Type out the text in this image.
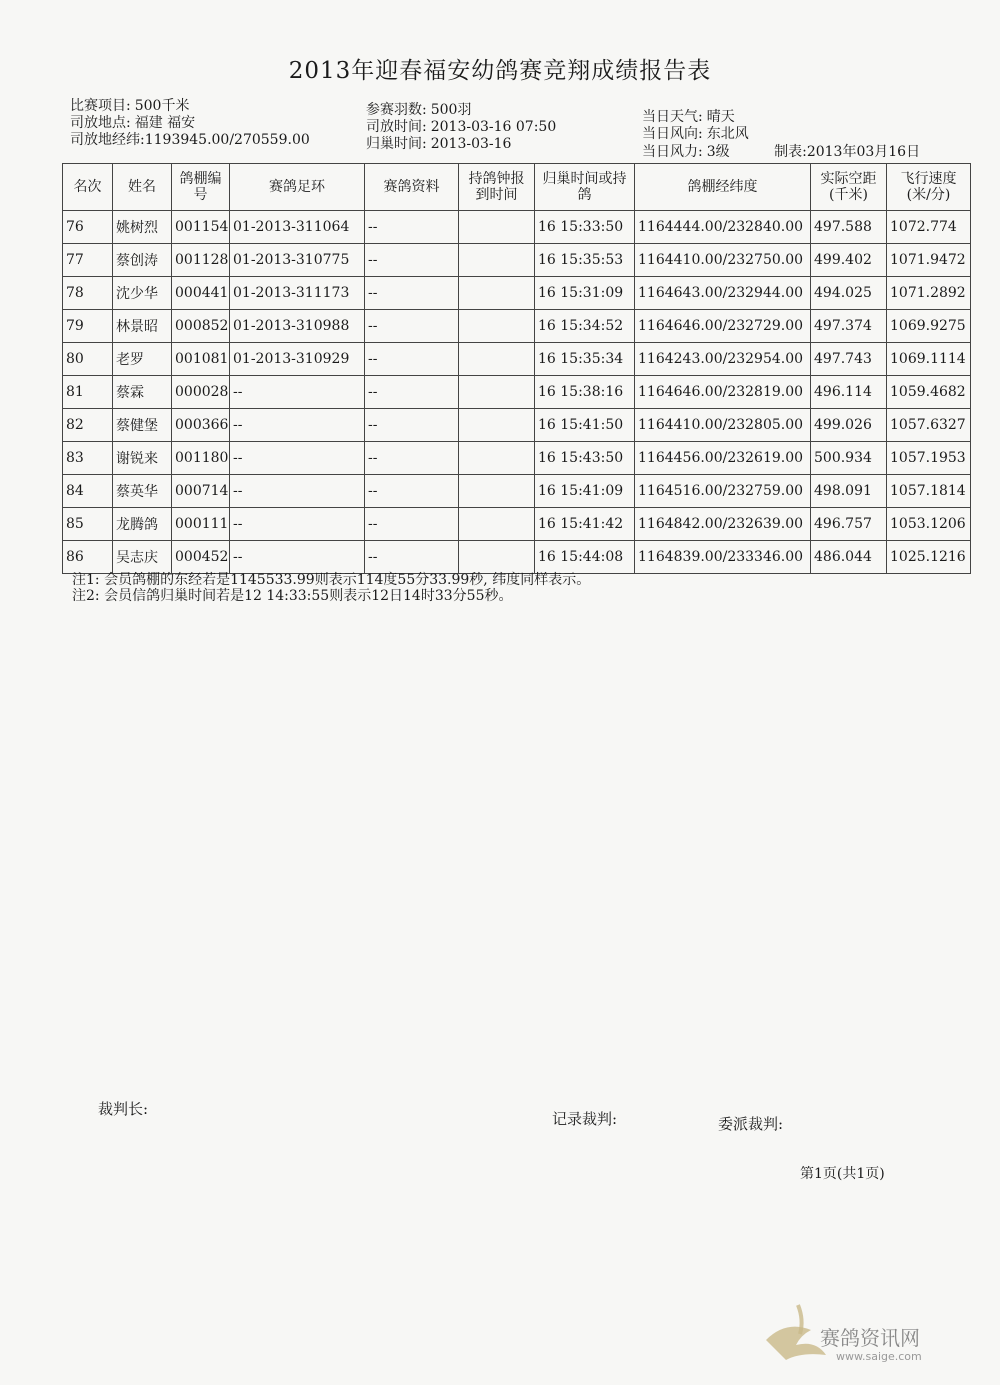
2013年迎春福安幼鸽赛竞翔成绩报告表
比赛项目: 500千米
司放地点: 福建 福安
司放地经纬:1193945.00/270559.00
参赛羽数: 500羽
司放时间: 2013-03-16 07:50
归巢时间: 2013-03-16
当日天气: 晴天
当日风向: 东北风
当日风力: 3级	制表:2013年03月16日
名次	姓名	鸽棚编号	赛鸽足环	赛鸽资料	持鸽钟报到时间	归巢时间或持鸽	鸽棚经纬度	实际空距(千米)	飞行速度(米/分)
76	姚树烈	001154	01-2013-311064	--		16 15:33:50	1164444.00/232840.00	497.588	1072.774
77	蔡创涛	001128	01-2013-310775	--		16 15:35:53	1164410.00/232750.00	499.402	1071.9472
78	沈少华	000441	01-2013-311173	--		16 15:31:09	1164643.00/232944.00	494.025	1071.2892
79	林景昭	000852	01-2013-310988	--		16 15:34:52	1164646.00/232729.00	497.374	1069.9275
80	老罗	001081	01-2013-310929	--		16 15:35:34	1164243.00/232954.00	497.743	1069.1114
81	蔡霖	000028	--	--		16 15:38:16	1164646.00/232819.00	496.114	1059.4682
82	蔡健堡	000366	--	--		16 15:41:50	1164410.00/232805.00	499.026	1057.6327
83	谢锐来	001180	--	--		16 15:43:50	1164456.00/232619.00	500.934	1057.1953
84	蔡英华	000714	--	--		16 15:41:09	1164516.00/232759.00	498.091	1057.1814
85	龙腾鸽	000111	--	--		16 15:41:42	1164842.00/232639.00	496.757	1053.1206
86	吴志庆	000452	--	--		16 15:44:08	1164839.00/233346.00	486.044	1025.1216
注1: 会员鸽棚的东经若是1145533.99则表示114度55分33.99秒, 纬度同样表示。
注2: 会员信鸽归巢时间若是12 14:33:55则表示12日14时33分55秒。
裁判长:
记录裁判:	委派裁判:
第1页(共1页)
赛鸽资讯网
www.saige.com
